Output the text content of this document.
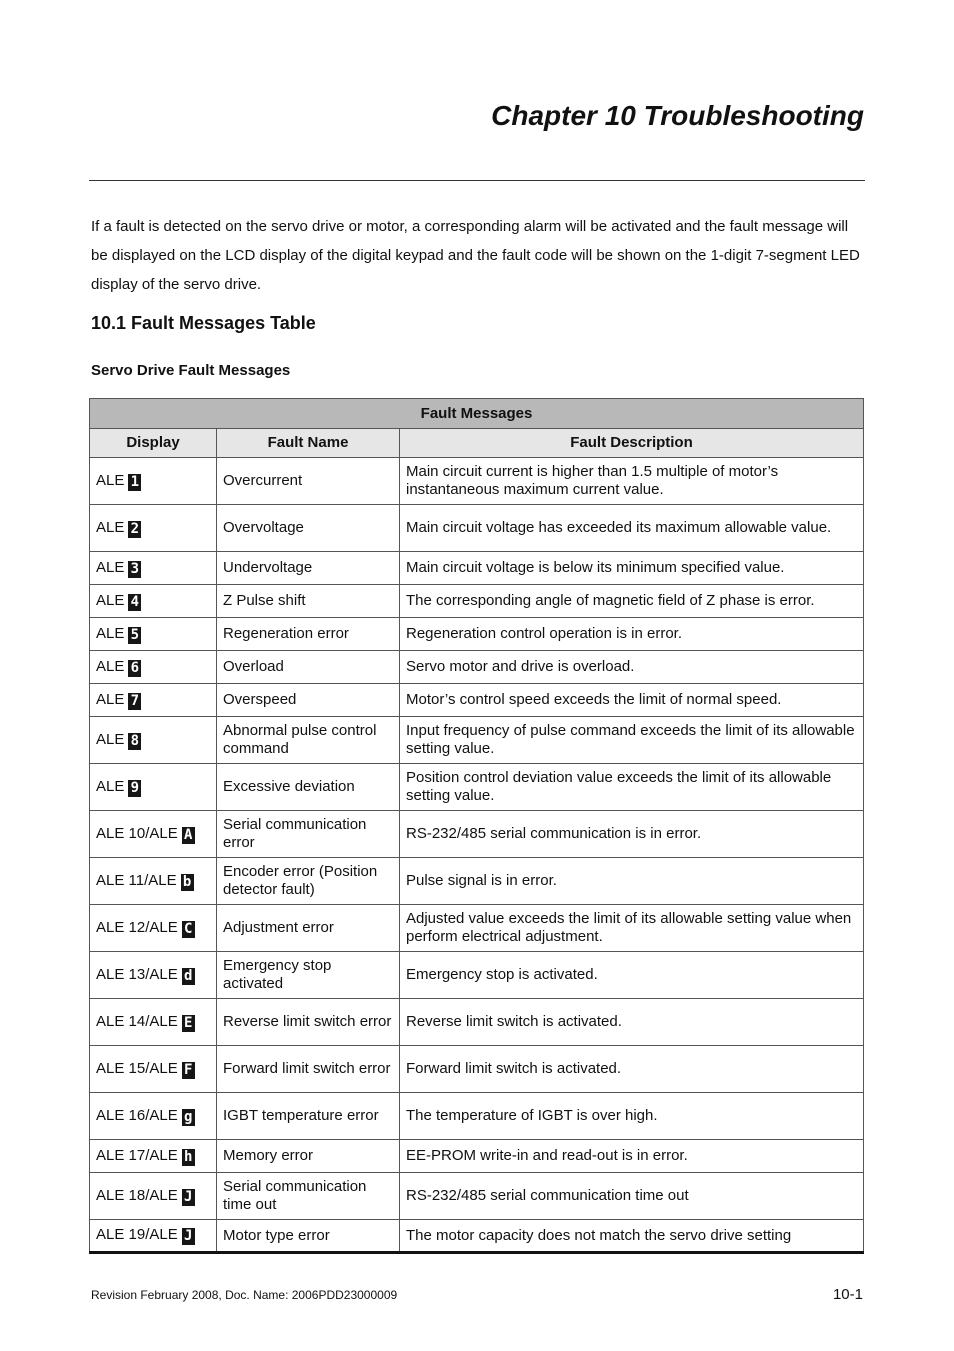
Chapter 10 Troubleshooting

If a fault is detected on the servo drive or motor, a corresponding alarm will be activated and the fault message will be displayed on the LCD display of the digital keypad and the fault code will be shown on the 1-digit 7-segment LED display of the servo drive.

10.1 Fault Messages Table
Servo Drive Fault Messages
Fault Messages		
Display	Fault Name	Fault Description
ALE 1	Overcurrent	Main circuit current is higher than 1.5 multiple of motor’s instantaneous maximum current value.
ALE 2	Overvoltage	Main circuit voltage has exceeded its maximum allowable value.
ALE 3	Undervoltage	Main circuit voltage is below its minimum specified value.
ALE 4	Z Pulse shift	The corresponding angle of magnetic field of Z phase is error.
ALE 5	Regeneration error	Regeneration control operation is in error.
ALE 6	Overload	Servo motor and drive is overload.
ALE 7	Overspeed	Motor’s control speed exceeds the limit of normal speed.
ALE 8	Abnormal pulse control command	Input frequency of pulse command exceeds the limit of its allowable setting value.
ALE 9	Excessive deviation	Position control deviation value exceeds the limit of its allowable setting value.
ALE 10/ALE A	Serial communication error	RS-232/485 serial communication is in error.
ALE 11/ALE b	Encoder error (Position detector fault)	Pulse signal is in error.
ALE 12/ALE C	Adjustment error	Adjusted value exceeds the limit of its allowable setting value when perform electrical adjustment.
ALE 13/ALE d	Emergency stop activated	Emergency stop is activated.
ALE 14/ALE E	Reverse limit switch error	Reverse limit switch is activated.
ALE 15/ALE F	Forward limit switch error	Forward limit switch is activated.
ALE 16/ALE g	IGBT temperature error	The temperature of IGBT is over high.
ALE 17/ALE h	Memory error	EE-PROM write-in and read-out is in error.
ALE 18/ALE J	Serial communication time out	RS-232/485 serial communication time out
ALE 19/ALE J	Motor type error	The motor capacity does not match the servo drive setting

Revision February 2008, Doc. Name: 2006PDD23000009	10-1
